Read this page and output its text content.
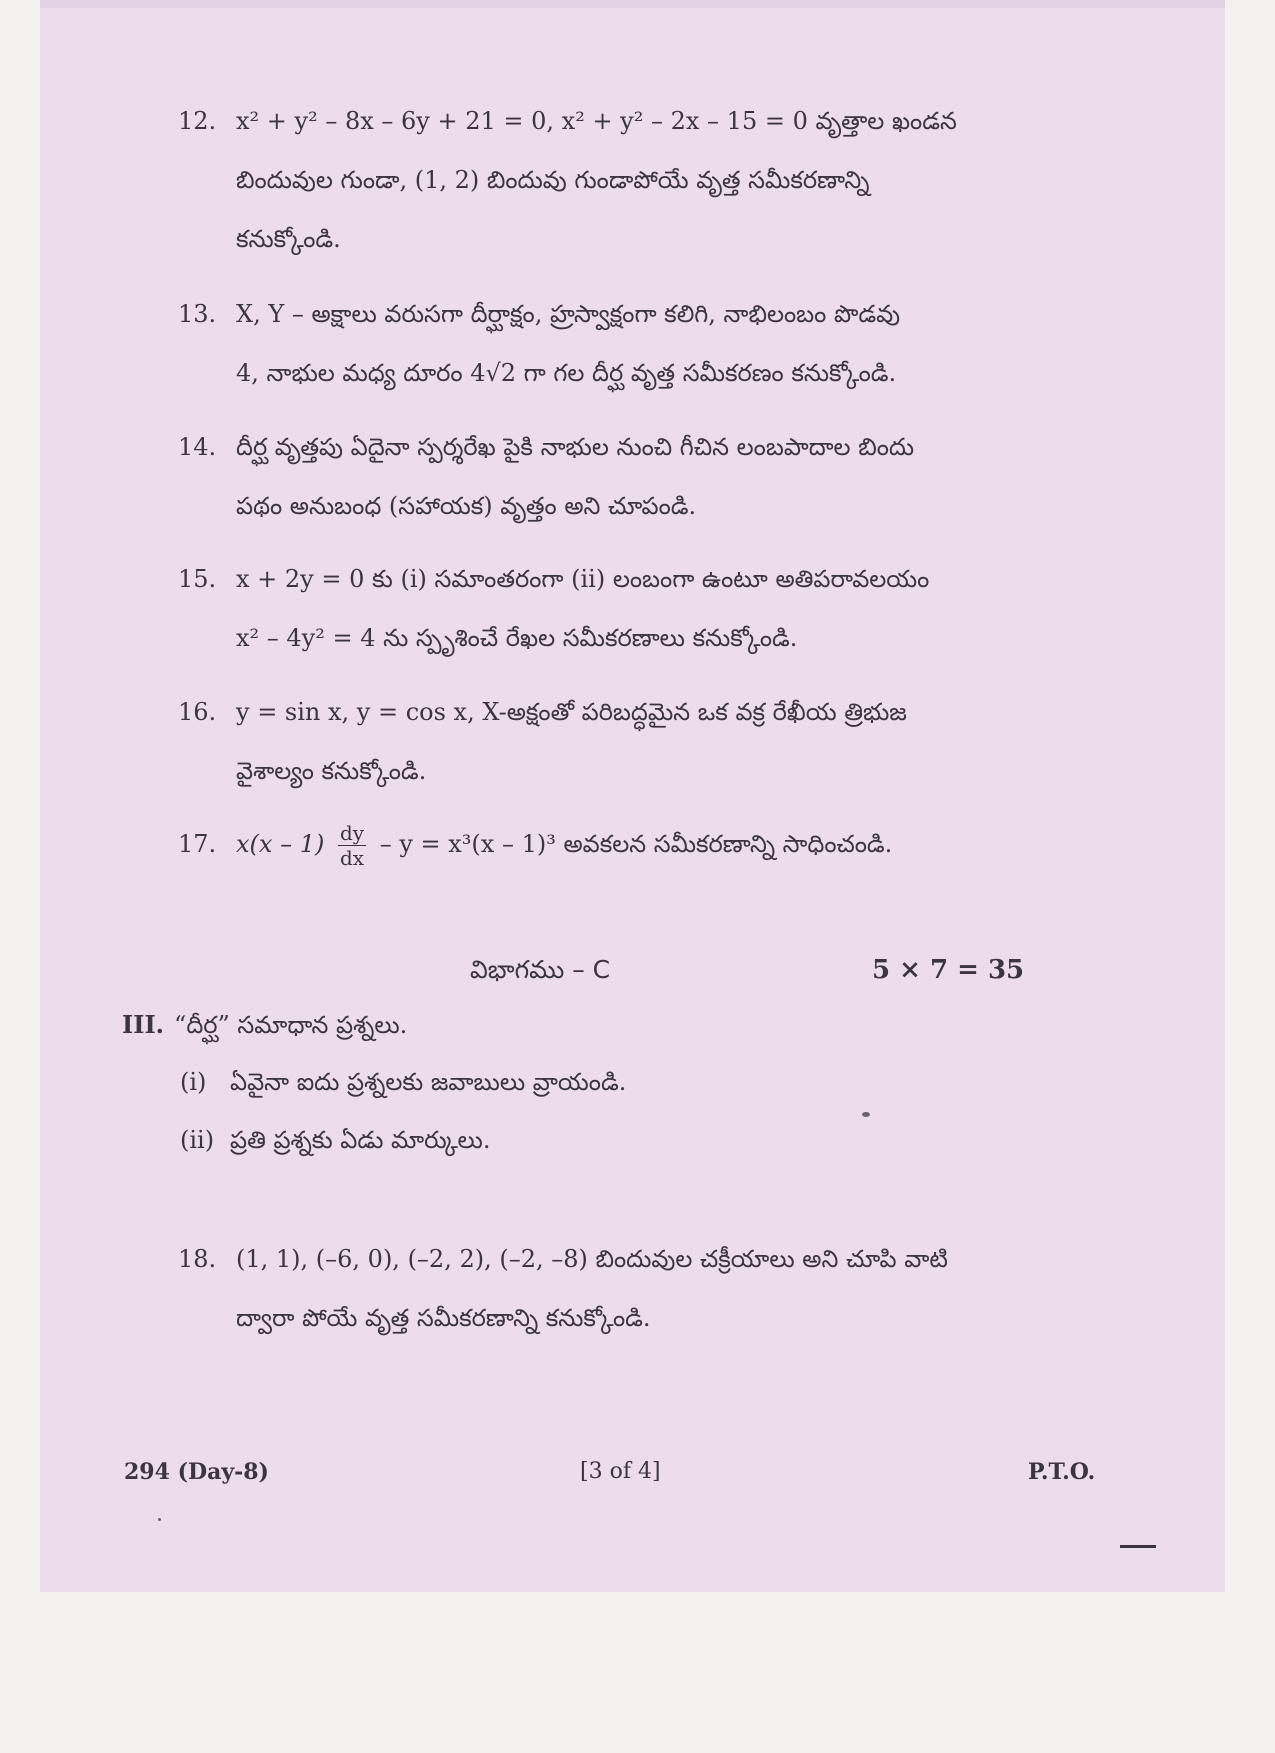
12. x² + y² – 8x – 6y + 21 = 0, x² + y² – 2x – 15 = 0 వృత్తాల ఖండన
బిందువుల గుండా, (1, 2) బిందువు గుండాపోయే వృత్త సమీకరణాన్ని
కనుక్కోండి.
13. X, Y – అక్షాలు వరుసగా దీర్ఘాక్షం, హ్రస్వాక్షంగా కలిగి, నాభిలంబం పొడవు
4, నాభుల మధ్య దూరం 4√2 గా గల దీర్ఘ వృత్త సమీకరణం కనుక్కోండి.
14. దీర్ఘ వృత్తపు ఏదైనా స్పర్శరేఖ పైకి నాభుల నుంచి గీచిన లంబపాదాల బిందు
పథం అనుబంధ (సహాయక) వృత్తం అని చూపండి.
15. x + 2y = 0 కు (i) సమాంతరంగా (ii) లంబంగా ఉంటూ అతిపరావలయం
x² – 4y² = 4 ను స్పృశించే రేఖల సమీకరణాలు కనుక్కోండి.
16. y = sin x, y = cos x, X-అక్షంతో పరిబద్ధమైన ఒక వక్ర రేఖీయ త్రిభుజ
వైశాల్యం కనుక్కోండి.
17. $x(x - 1) \frac{dy}{dx} - y = x^3(x - 1)^3$ అవకలన సమీకరణాన్ని సాధించండి.
విభాగము – C	5 × 7 = 35
III. “దీర్ఘ” సమాధాన ప్రశ్నలు.
(i) ఏవైనా ఐదు ప్రశ్నలకు జవాబులు వ్రాయండి.
(ii) ప్రతి ప్రశ్నకు ఏడు మార్కులు.
18. (1, 1), (–6, 0), (–2, 2), (–2, –8) బిందువుల చక్రీయాలు అని చూపి వాటి
ద్వారా పోయే వృత్త సమీకరణాన్ని కనుక్కోండి.
294 (Day-8)	[3 of 4]	P.T.O.
